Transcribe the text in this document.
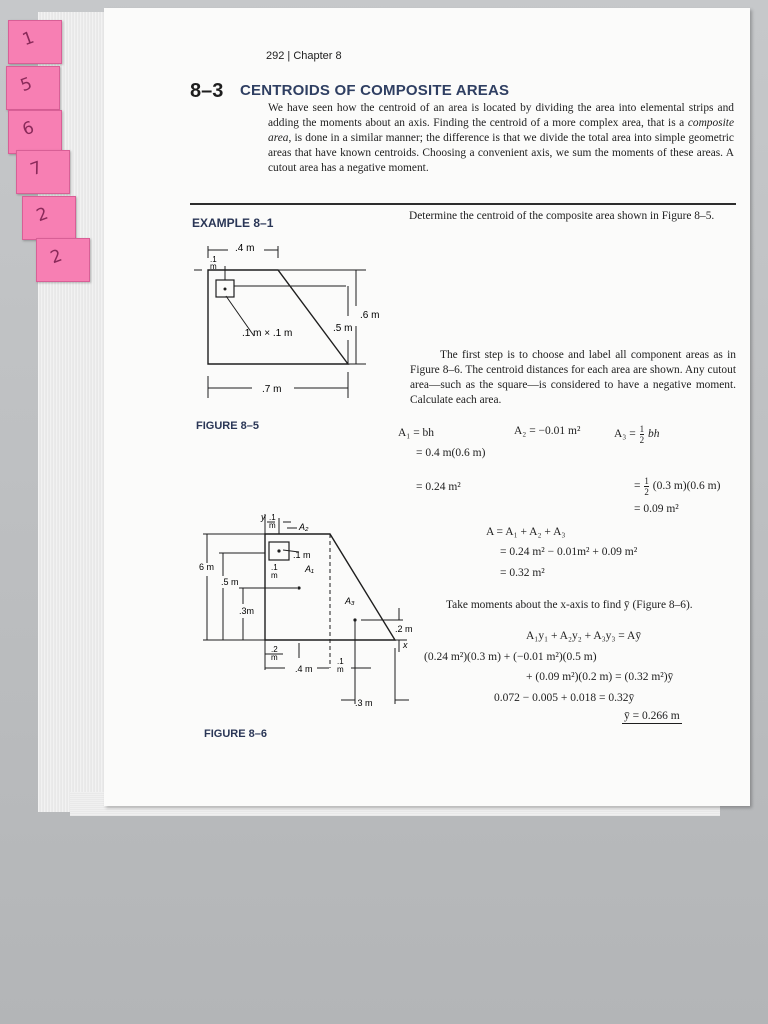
1
5
6
7
2
2
292 | Chapter 8
8–3 CENTROIDS OF COMPOSITE AREAS
We have seen how the centroid of an area is located by dividing the area into elemental strips and adding the moments about an axis. Finding the centroid of a more complex area, that is a composite area, is done in a similar manner; the difference is that we divide the total area into simple geometric areas that have known centroids. Choosing a convenient axis, we sum the moments of these areas. A cutout area has a negative moment.
EXAMPLE 8–1	Determine the centroid of the composite area shown in Figure 8–5.
.4 m
.1
m
.1 m × .1 m
.6 m
.5 m
.7 m
FIGURE 8–5
The first step is to choose and label all component areas as in Figure 8–6. The centroid distances for each area are shown. Any cutout area—such as the square—is considered to have a negative moment. Calculate each area.
A₁ = bh
= 0.4 m(0.6 m)
= 0.24 m²
A₂ = −0.01 m²	$A_3 = \frac{1}{2}$ bh
= $\frac{1}{2} (0.3$ m)(0.6 m)
= 0.09 m²
A = A₁ + A₂ + A₃
= 0.24 m² − 0.01m² + 0.09 m²
= 0.32 m²
Take moments about the x-axis to find ȳ (Figure 8–6).
A₁y₁ + A₂y₂ + A₃y₃ = Aȳ
(0.24 m²)(0.3 m) + (−0.01 m²)(0.5 m)
+ (0.09 m²)(0.2 m) = (0.32 m²)ȳ
0.072 − 0.005 + 0.018 = 0.32ȳ
ȳ = 0.266 m
y
x
.1
m	A₂
.1 m
A₁
.1
m
6 m
.5 m
.3m
A₃
.2
m
.2 m
.4 m
.1
m
.3 m
FIGURE 8–6
